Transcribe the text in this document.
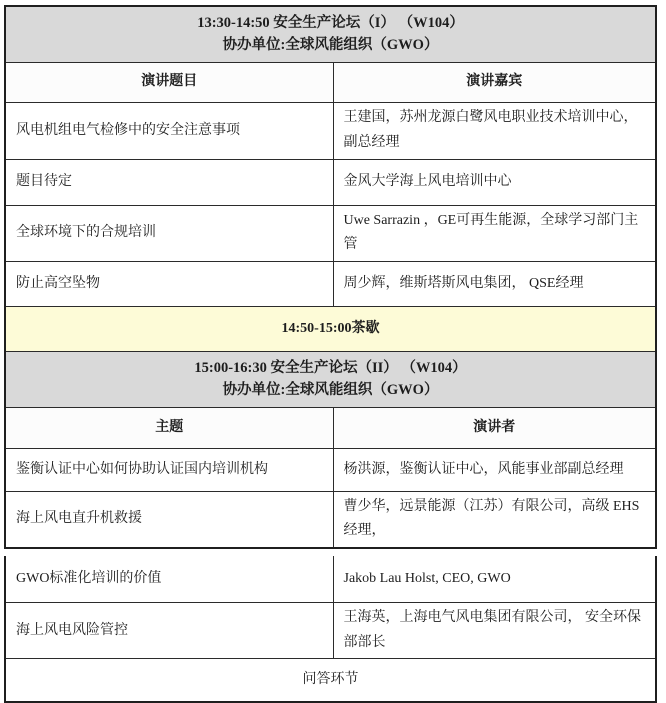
13:30-14:50 安全生产论坛（I） （W104）
协办单位:全球风能组织（GWO）	

演讲题目	演讲嘉宾
风电机组电气检修中的安全注意事项	王建国，苏州龙源白鹭风电职业技术培训中心，副总经理
题目待定	金风大学海上风电培训中心
全球环境下的合规培训	Uwe Sarrazin ，GE可再生能源，全球学习部门主管
防止高空坠物	周少辉，维斯塔斯风电集团， QSE经理
14:50-15:00茶歇	

15:00-16:30 安全生产论坛（II） （W104）
协办单位:全球风能组织（GWO）	

主题	演讲者
鉴衡认证中心如何协助认证国内培训机构	杨洪源，鉴衡认证中心，风能事业部副总经理
海上风电直升机救援	曹少华，远景能源（江苏）有限公司，高级 EHS 经理，
GWO标准化培训的价值	Jakob Lau Holst, CEO, GWO
海上风电风险管控	王海英，上海电气风电集团有限公司， 安全环保部部长
问答环节	
